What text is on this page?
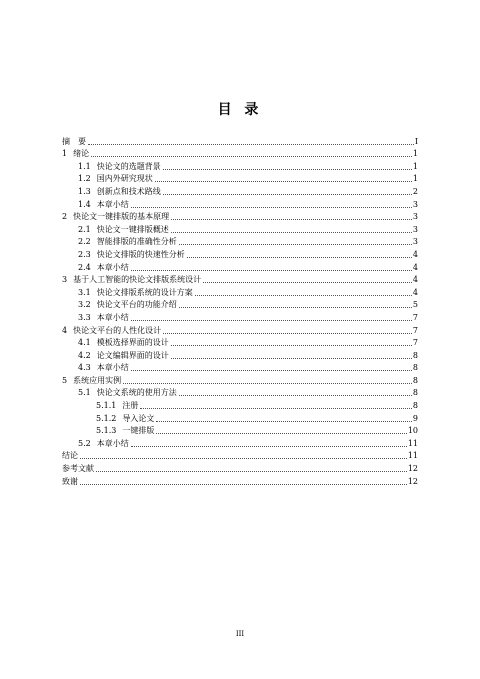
目 录
摘　要	I
1 绪论	1
1.1 快论文的选题背景	1
1.2 国内外研究现状	1
1.3 创新点和技术路线	2
1.4 本章小结	3
2 快论文一键排版的基本原理	3
2.1 快论文一键排版概述	3
2.2 智能排版的准确性分析	3
2.3 快论文排版的快速性分析	4
2.4 本章小结	4
3 基于人工智能的快论文排版系统设计	4
3.1 快论文排版系统的设计方案	4
3.2 快论文平台的功能介绍	5
3.3 本章小结	7
4 快论文平台的人性化设计	7
4.1 模板选择界面的设计	7
4.2 论文编辑界面的设计	8
4.3 本章小结	8
5 系统应用实例	8
5.1 快论文系统的使用方法	8
5.1.1 注册	8
5.1.2 导入论文	9
5.1.3 一键排版	10
5.2 本章小结	11
结论	11
参考文献	12
致谢	12
III
